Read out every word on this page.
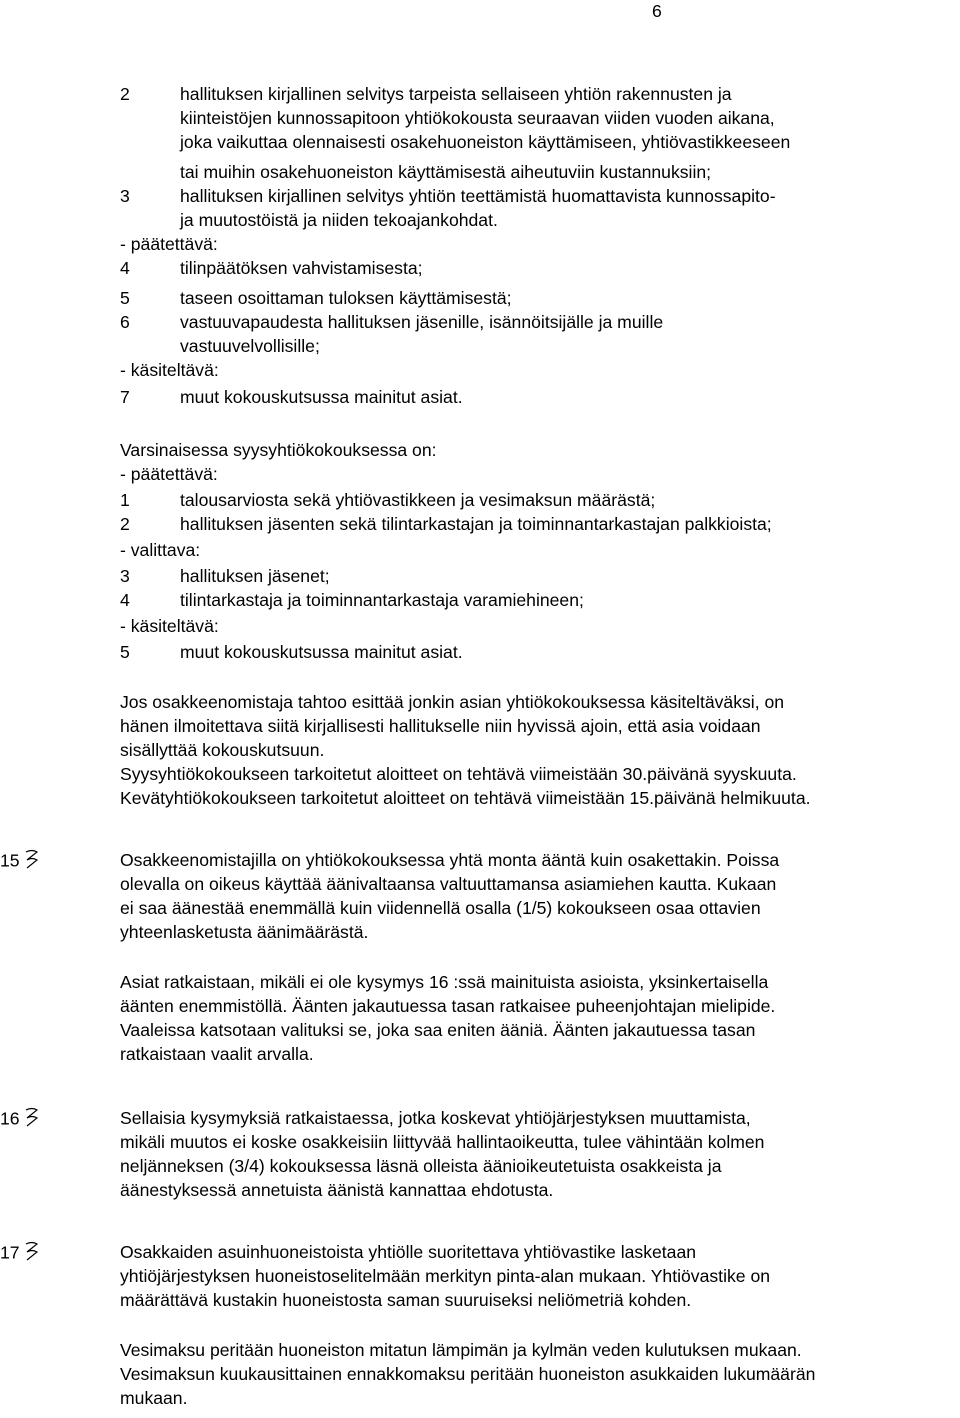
6
2	hallituksen kirjallinen selvitys tarpeista sellaiseen yhtiön rakennusten ja
kiinteistöjen kunnossapitoon yhtiökokousta seuraavan viiden vuoden aikana,
joka vaikuttaa olennaisesti osakehuoneiston käyttämiseen, yhtiövastikkeeseen
tai muihin osakehuoneiston käyttämisestä aiheutuviin kustannuksiin;
3	hallituksen kirjallinen selvitys yhtiön teettämistä huomattavista kunnossapito-
ja muutostöistä ja niiden tekoajankohdat.
- päätettävä:
4	tilinpäätöksen vahvistamisesta;
5	taseen osoittaman tuloksen käyttämisestä;
6	vastuuvapaudesta hallituksen jäsenille, isännöitsijälle ja muille
vastuuvelvollisille;
- käsiteltävä:
7	muut kokouskutsussa mainitut asiat.
Varsinaisessa syysyhtiökokouksessa on:
- päätettävä:
1	talousarviosta sekä yhtiövastikkeen ja vesimaksun määrästä;
2	hallituksen jäsenten sekä tilintarkastajan ja toiminnantarkastajan palkkioista;
- valittava:
3	hallituksen jäsenet;
4	tilintarkastaja ja toiminnantarkastaja varamiehineen;
- käsiteltävä:
5	muut kokouskutsussa mainitut asiat.
Jos osakkeenomistaja tahtoo esittää jonkin asian yhtiökokouksessa käsiteltäväksi, on
hänen ilmoitettava siitä kirjallisesti hallitukselle niin hyvissä ajoin, että asia voidaan
sisällyttää kokouskutsuun.
Syysyhtiökokoukseen tarkoitetut aloitteet on tehtävä viimeistään 30.päivänä syyskuuta.
Kevätyhtiökokoukseen tarkoitetut aloitteet on tehtävä viimeistään 15.päivänä helmikuuta.
15	Osakkeenomistajilla on yhtiökokouksessa yhtä monta ääntä kuin osakettakin. Poissa
olevalla on oikeus käyttää äänivaltaansa valtuuttamansa asiamiehen kautta. Kukaan
ei saa äänestää enemmällä kuin viidennellä osalla (1/5) kokoukseen osaa ottavien
yhteenlasketusta äänimäärästä.
Asiat ratkaistaan, mikäli ei ole kysymys 16 :ssä mainituista asioista, yksinkertaisella
äänten enemmistöllä. Äänten jakautuessa tasan ratkaisee puheenjohtajan mielipide.
Vaaleissa katsotaan valituksi se, joka saa eniten ääniä. Äänten jakautuessa tasan
ratkaistaan vaalit arvalla.
16	Sellaisia kysymyksiä ratkaistaessa, jotka koskevat yhtiöjärjestyksen muuttamista,
mikäli muutos ei koske osakkeisiin liittyvää hallintaoikeutta, tulee vähintään kolmen
neljänneksen (3/4) kokouksessa läsnä olleista äänioikeutetuista osakkeista ja
äänestyksessä annetuista äänistä kannattaa ehdotusta.
17	Osakkaiden asuinhuoneistoista yhtiölle suoritettava yhtiövastike lasketaan
yhtiöjärjestyksen huoneistoselitelmään merkityn pinta-alan mukaan. Yhtiövastike on
määrättävä kustakin huoneistosta saman suuruiseksi neliömetriä kohden.
Vesimaksu peritään huoneiston mitatun lämpimän ja kylmän veden kulutuksen mukaan.
Vesimaksun kuukausittainen ennakkomaksu peritään huoneiston asukkaiden lukumäärän
mukaan.
